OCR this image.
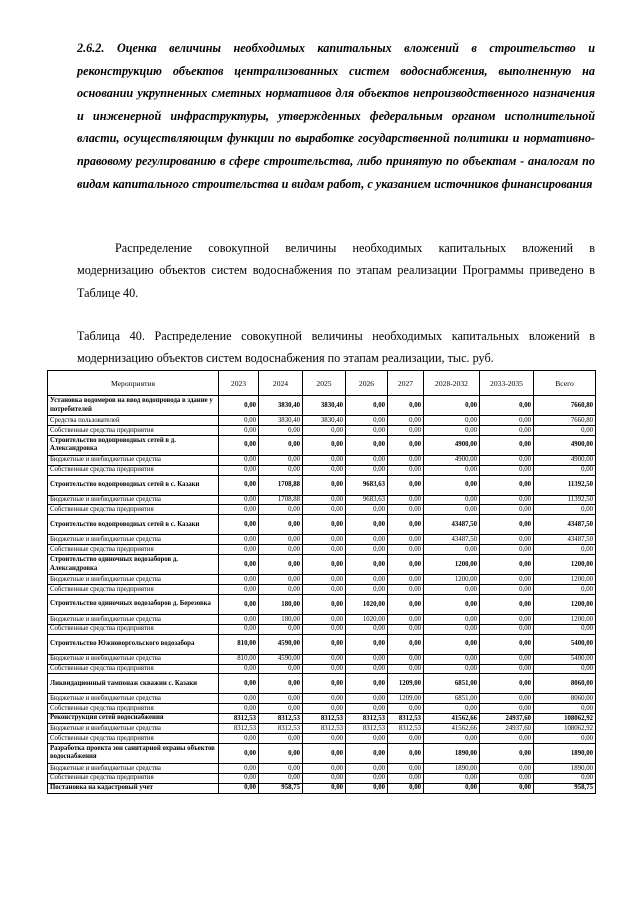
2.6.2. Оценка величины необходимых капитальных вложений в строительство и реконструкцию объектов централизованных систем водоснабжения, выполненную на основании укрупненных сметных нормативов для объектов непроизводственного назначения и инженерной инфраструктуры, утвержденных федеральным органом исполнительной власти, осуществляющим функции по выработке государственной политики и нормативно-правовому регулированию в сфере строительства, либо принятую по объектам - аналогам по видам капитального строительства и видам работ, с указанием источников финансирования

Распределение совокупной величины необходимых капитальных вложений в модернизацию объектов систем водоснабжения по этапам реализации Программы приведено в Таблице 40.

Таблица 40. Распределение совокупной величины необходимых капитальных вложений в модернизацию объектов систем водоснабжения по этапам реализации, тыс. руб.

Мероприятия	2023	2024	2025	2026	2027	2028-2032	2033-2035	Всего
Установка водомеров на ввод водопровода в здание у потребителей	0,00	3830,40	3830,40	0,00	0,00	0,00	0,00	7660,80
Средства пользователей	0,00	3830,40	3830,40	0,00	0,00	0,00	0,00	7660,80
Собственные средства предприятия	0,00	0,00	0,00	0,00	0,00	0,00	0,00	0,00
Строительство водопроводных сетей в д. Александровка	0,00	0,00	0,00	0,00	0,00	4900,00	0,00	4900,00
Бюджетные и внебюджетные средства	0,00	0,00	0,00	0,00	0,00	4900,00	0,00	4900,00
Собственные средства предприятия	0,00	0,00	0,00	0,00	0,00	0,00	0,00	0,00
Строительство водопроводных сетей в с. Казаки	0,00	1708,88	0,00	9683,63	0,00	0,00	0,00	11392,50
Бюджетные и внебюджетные средства	0,00	1708,88	0,00	9683,63	0,00	0,00	0,00	11392,50
Собственные средства предприятия	0,00	0,00	0,00	0,00	0,00	0,00	0,00	0,00
Строительство водопроводных сетей в с. Казаки	0,00	0,00	0,00	0,00	0,00	43487,50	0,00	43487,50
Бюджетные и внебюджетные средства	0,00	0,00	0,00	0,00	0,00	43487,50	0,00	43487,50
Собственные средства предприятия	0,00	0,00	0,00	0,00	0,00	0,00	0,00	0,00
Строительство одиночных водозаборов д. Александровка	0,00	0,00	0,00	0,00	0,00	1200,00	0,00	1200,00
Бюджетные и внебюджетные средства	0,00	0,00	0,00	0,00	0,00	1200,00	0,00	1200,00
Собственные средства предприятия	0,00	0,00	0,00	0,00	0,00	0,00	0,00	0,00
Строительство одиночных водозаборов д. Березовка	0,00	180,00	0,00	1020,00	0,00	0,00	0,00	1200,00
Бюджетные и внебюджетные средства	0,00	180,00	0,00	1020,00	0,00	0,00	0,00	1200,00
Собственные средства предприятия	0,00	0,00	0,00	0,00	0,00	0,00	0,00	0,00
Строительство Южноворгольского водозабора	810,00	4590,00	0,00	0,00	0,00	0,00	0,00	5400,00
Бюджетные и внебюджетные средства	810,00	4590,00	0,00	0,00	0,00	0,00	0,00	5400,00
Собственные средства предприятия	0,00	0,00	0,00	0,00	0,00	0,00	0,00	0,00
Ликвидационный тампонаж скважин с. Казаки	0,00	0,00	0,00	0,00	1209,00	6851,00	0,00	8060,00
Бюджетные и внебюджетные средства	0,00	0,00	0,00	0,00	1209,00	6851,00	0,00	8060,00
Собственные средства предприятия	0,00	0,00	0,00	0,00	0,00	0,00	0,00	0,00
Реконструкция сетей водоснабжения	8312,53	8312,53	8312,53	8312,53	8312,53	41562,66	24937,60	108062,92
Бюджетные и внебюджетные средства	8312,53	8312,53	8312,53	8312,53	8312,53	41562,66	24937,60	108062,92
Собственные средства предприятия	0,00	0,00	0,00	0,00	0,00	0,00	0,00	0,00
Разработка проекта зон санитарной охраны объектов водоснабжения	0,00	0,00	0,00	0,00	0,00	1890,00	0,00	1890,00
Бюджетные и внебюджетные средства	0,00	0,00	0,00	0,00	0,00	1890,00	0,00	1890,00
Собственные средства предприятия	0,00	0,00	0,00	0,00	0,00	0,00	0,00	0,00
Постановка на кадастровый учет	0,00	958,75	0,00	0,00	0,00	0,00	0,00	958,75
